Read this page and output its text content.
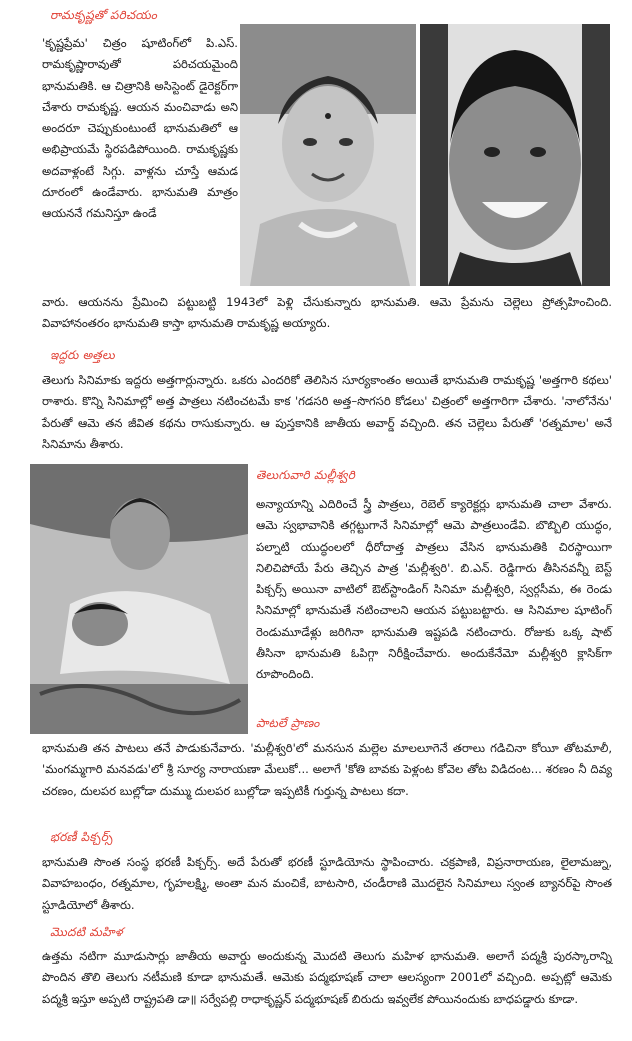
రామకృష్ణతో పరిచయం

'కృష్ణప్రేమ' చిత్రం షూటింగ్‌లో పి.ఎస్. రామకృష్ణారావుతో పరిచయమైంది భానుమతికి. ఆ చిత్రానికి అసిస్టెంట్ డైరెక్టర్‌గా చేశారు రామకృష్ణ. ఆయన మంచివాడు అని అందరూ చెప్పుకుంటుంటే భానుమతిలో ఆ అభిప్రాయమే స్థిరపడిపోయింది. రామకృష్ణకు అదవాళ్లంటే సిగ్గు. వాళ్లను చూస్తే ఆమడ దూరంలో ఉండేవారు. భానుమతి మాత్రం ఆయననే గమనిస్తూ ఉండే

వారు. ఆయనను ప్రేమించి పట్టుబట్టి 1943లో పెళ్లి చేసుకున్నారు భానుమతి. ఆమె ప్రేమను చెల్లెలు ప్రోత్సహించింది. వివాహానంతరం భానుమతి కాస్తా భానుమతి రామకృష్ణ అయ్యారు.

ఇద్దరు అత్తలు

తెలుగు సినిమాకు ఇద్దరు అత్తగార్లున్నారు. ఒకరు ఎందరికో తెలిసిన సూర్యకాంతం అయితే భానుమతి రామకృష్ణ 'అత్తగారి కథలు' రాశారు. కొన్ని సినిమాల్లో అత్త పాత్రలు నటించటమే కాక 'గడసరి అత్త–సొగసరి కోడలు' చిత్రంలో అత్తగారిగా చేశారు. 'నాలోనేను' పేరుతో ఆమె తన జీవిత కథను రాసుకున్నారు. ఆ పుస్తకానికి జాతీయ అవార్డ్ వచ్చింది. తన చెల్లెలు పేరుతో 'రత్నమాల' అనే సినిమాను తీశారు.

తెలుగువారి మల్లీశ్వరి

అన్యాయాన్ని ఎదిరించే స్త్రీ పాత్రలు, రెబెల్ క్యారెక్టర్లు భానుమతి చాలా వేశారు. ఆమె స్వభావానికి తగ్గట్టుగానే సినిమాల్లో ఆమె పాత్రలుండేవి. బొబ్బిలి యుద్ధం, పల్నాటి యుద్ధంలలో ధీరోదాత్త పాత్రలు వేసిన భానుమతికి చిరస్థాయిగా నిలిచిపోయే పేరు తెచ్చిన పాత్ర 'మల్లీశ్వరి'. బి.ఎన్. రెడ్డిగారు తీసినవన్నీ బెస్ట్ పిక్చర్స్ అయినా వాటిలో ఔట్‌స్టాండింగ్ సినిమా మల్లీశ్వరి, స్వర్గసీమ, ఈ రెండు సినిమాల్లో భానుమతే నటించాలని ఆయన పట్టుబట్టారు. ఆ సినిమాల షూటింగ్ రెండుమూడేళ్లు జరిగినా భానుమతి ఇష్టపడి నటించారు. రోజుకు ఒక్క షాట్ తీసినా భానుమతి ఓపిగ్గా నిరీక్షించేవారు. అందుకేనేమో మల్లీశ్వరి క్లాసిక్‌గా రూపొందింది.

పాటలే ప్రాణం

భానుమతి తన పాటలు తనే పాడుకునేవారు. 'మల్లీశ్వరి'లో మనసున మల్లెల మాలలూగెనే తరాలు గడిచినా కోయీ తోటమాలీ, 'మంగమ్మగారి మనవడు'లో శ్రీ సూర్య నారాయణా మేలుకో... అలాగే 'కోతి బావకు పెళ్లంట కోవెల తోట విడిదంట... శరణం నీ దివ్య చరణం, దులపర బుల్లోడా దుమ్ము దులపర బుల్లోడా ఇప్పటికీ గుర్తున్న పాటలు కదా.

భరణీ పిక్చర్స్

భానుమతి సొంత సంస్థ భరణీ పిక్చర్స్. అదే పేరుతో భరణీ స్టూడియోను స్థాపించారు. చక్రపాణి, విప్రనారాయణ, లైలామజ్ను, వివాహబంధం, రత్నమాల, గృహలక్ష్మి, అంతా మన మంచికే, బాటసారి, చండీరాణి మొదలైన సినిమాలు స్వంత బ్యానర్‌పై సొంత స్టూడియోలో తీశారు.

మొదటి మహిళ

ఉత్తమ నటిగా మూడుసార్లు జాతీయ అవార్డు అందుకున్న మొదటి తెలుగు మహిళ భానుమతి. అలాగే పద్మశ్రీ పురస్కారాన్ని పొందిన తొలి తెలుగు నటీమణి కూడా భానుమతే. ఆమెకు పద్మభూషణ్ చాలా ఆలస్యంగా 2001లో వచ్చింది. అప్పట్లో ఆమెకు పద్మశ్రీ ఇస్తూ అప్పటి రాష్ట్రపతి డా॥ సర్వేపల్లి రాధాకృష్ణన్ పద్మభూషణ్ బిరుదు ఇవ్వలేక పోయినందుకు బాధపడ్డారు కూడా.
